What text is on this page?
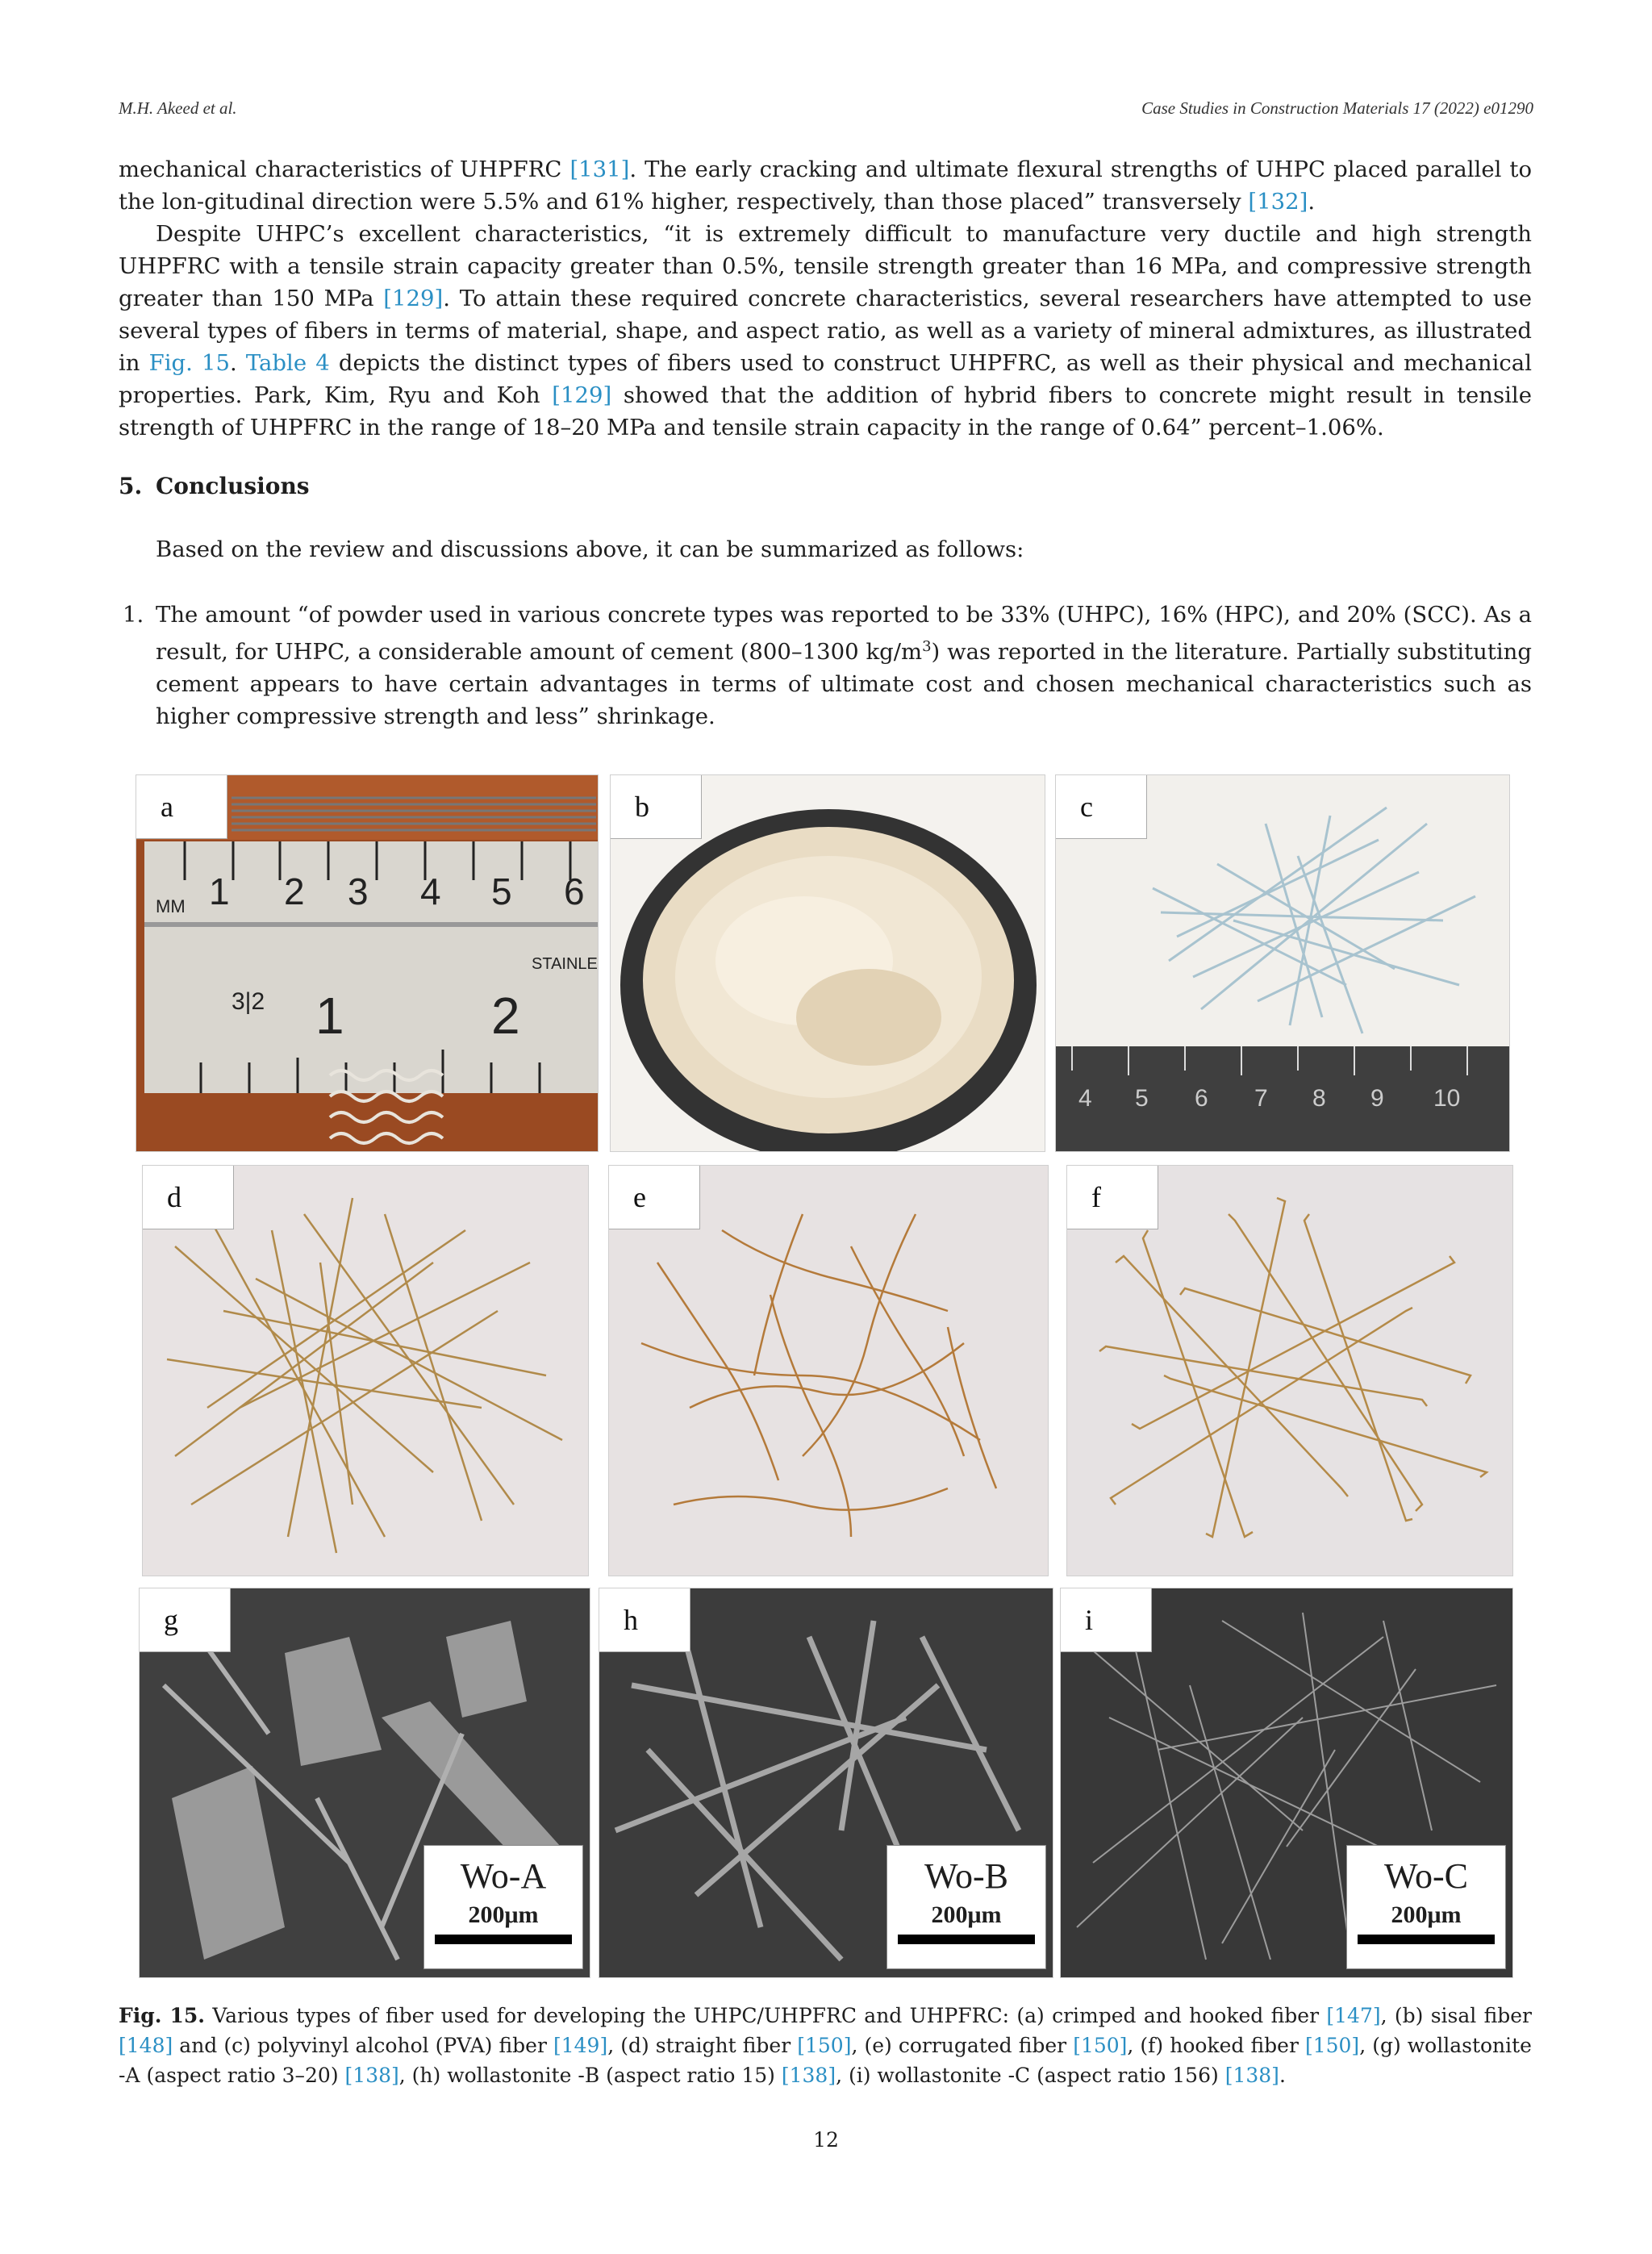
M.H. Akeed et al.	Case Studies in Construction Materials 17 (2022) e01290

mechanical characteristics of UHPFRC [131]. The early cracking and ultimate flexural strengths of UHPC placed parallel to the lon-gitudinal direction were 5.5% and 61% higher, respectively, than those placed” transversely [132].

Despite UHPC’s excellent characteristics, “it is extremely difficult to manufacture very ductile and high strength UHPFRC with a tensile strain capacity greater than 0.5%, tensile strength greater than 16 MPa, and compressive strength greater than 150 MPa [129]. To attain these required concrete characteristics, several researchers have attempted to use several types of fibers in terms of material, shape, and aspect ratio, as well as a variety of mineral admixtures, as illustrated in Fig. 15. Table 4 depicts the distinct types of fibers used to construct UHPFRC, as well as their physical and mechanical properties. Park, Kim, Ryu and Koh [129] showed that the addition of hybrid fibers to concrete might result in tensile strength of UHPFRC in the range of 18–20 MPa and tensile strain capacity in the range of 0.64” percent–1.06%.

5. Conclusions
Based on the review and discussions above, it can be summarized as follows:
1. The amount “of powder used in various concrete types was reported to be 33% (UHPC), 16% (HPC), and 20% (SCC). As a result, for UHPC, a considerable amount of cement (800–1300 $kg/m^3$) was reported in the literature. Partially substituting cement appears to have certain advantages in terms of ultimate cost and chosen mechanical characteristics such as higher compressive strength and less” shrinkage.
MM 1 2 3 4 5 6
1	2
3|2
STAINLE
a	b
4 5 6 7 8 9 10
c
d	e	f
g
Wo-A
200μm
h
Wo-B
200μm
i
Wo-C
200μm
Fig. 15. Various types of fiber used for developing the UHPC/UHPFRC and UHPFRC: (a) crimped and hooked fiber [147], (b) sisal fiber [148] and (c) polyvinyl alcohol (PVA) fiber [149], (d) straight fiber [150], (e) corrugated fiber [150], (f) hooked fiber [150], (g) wollastonite -A (aspect ratio 3–20) [138], (h) wollastonite -B (aspect ratio 15) [138], (i) wollastonite -C (aspect ratio 156) [138].
12
